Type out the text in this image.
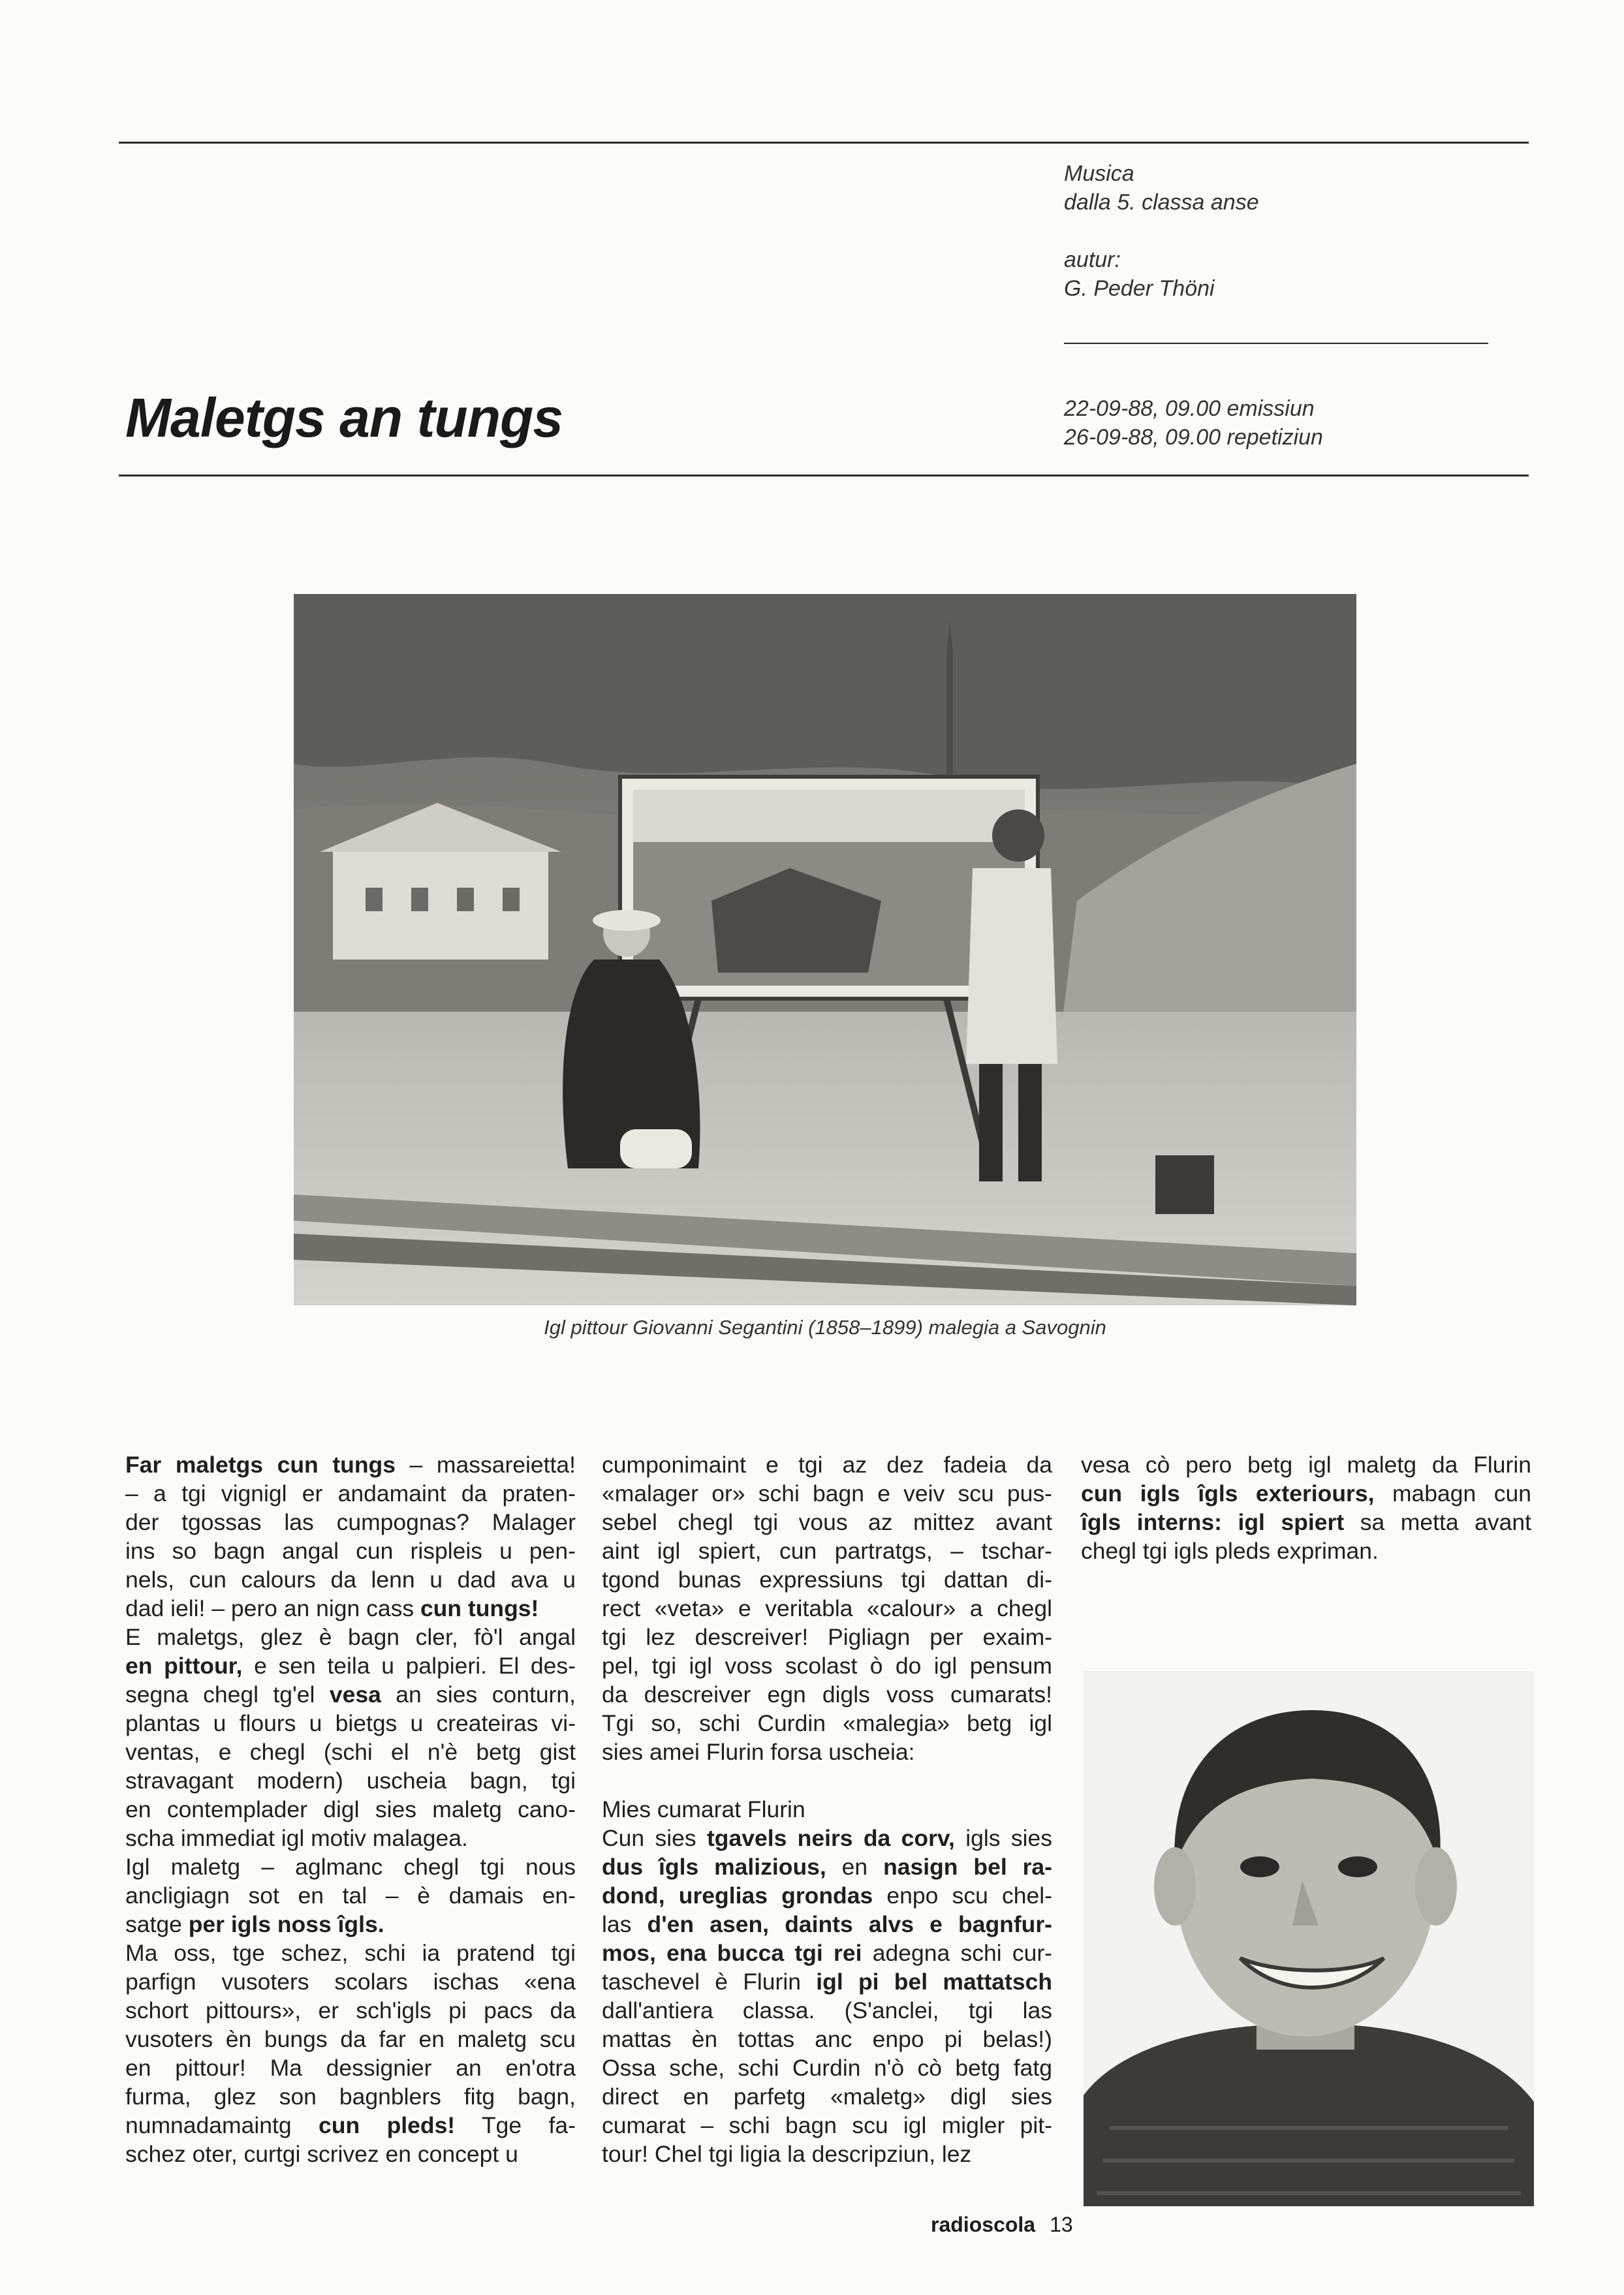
Musica
dalla 5. classa anse
autur:
G. Peder Thöni
22-09-88, 09.00 emissiun
26-09-88, 09.00 repetiziun
Maletgs an tungs
Igl pittour Giovanni Segantini (1858–1899) malegia a Savognin
Far maletgs cun tungs – massareietta!
– a tgi vignigl er andamaint da praten-
der tgossas las cumpognas? Malager
ins so bagn angal cun rispleis u pen-
nels, cun calours da lenn u dad ava u
dad ieli! – pero an nign cass cun tungs!
E maletgs, glez è bagn cler, fò'l angal
en pittour, e sen teila u palpieri. El des-
segna chegl tg'el vesa an sies conturn,
plantas u flours u bietgs u createiras vi-
ventas, e chegl (schi el n'è betg gist
stravagant modern) uscheia bagn, tgi
en contemplader digl sies maletg cano-
scha immediat igl motiv malagea.
Igl maletg – aglmanc chegl tgi nous
ancligiagn sot en tal – è damais en-
satge per igls noss îgls.
Ma oss, tge schez, schi ia pratend tgi
parfign vusoters scolars ischas «ena
schort pittours», er sch'igls pi pacs da
vusoters èn bungs da far en maletg scu
en pittour! Ma dessignier an en'otra
furma, glez son bagnblers fitg bagn,
numnadamaintg cun pleds! Tge fa-
schez oter, curtgi scrivez en concept u
cumponimaint e tgi az dez fadeia da
«malager or» schi bagn e veiv scu pus-
sebel chegl tgi vous az mittez avant
aint igl spiert, cun partratgs, – tschar-
tgond bunas expressiuns tgi dattan di-
rect «veta» e veritabla «calour» a chegl
tgi lez descreiver! Pigliagn per exaim-
pel, tgi igl voss scolast ò do igl pensum
da descreiver egn digls voss cumarats!
Tgi so, schi Curdin «malegia» betg igl
sies amei Flurin forsa uscheia:
Mies cumarat Flurin
Cun sies tgavels neirs da corv, igls sies
dus îgls malizious, en nasign bel ra-
dond, ureglias grondas enpo scu chel-
las d'en asen, daints alvs e bagnfur-
mos, ena bucca tgi rei adegna schi cur-
taschevel è Flurin igl pi bel mattatsch
dall'antiera classa. (S'anclei, tgi las
mattas èn tottas anc enpo pi belas!)
Ossa sche, schi Curdin n'ò cò betg fatg
direct en parfetg «maletg» digl sies
cumarat – schi bagn scu igl migler pit-
tour! Chel tgi ligia la descripziun, lez
vesa cò pero betg igl maletg da Flurin
cun igls îgls exteriours, mabagn cun
îgls interns: igl spiert sa metta avant
chegl tgi igls pleds expriman.
radioscola 13
